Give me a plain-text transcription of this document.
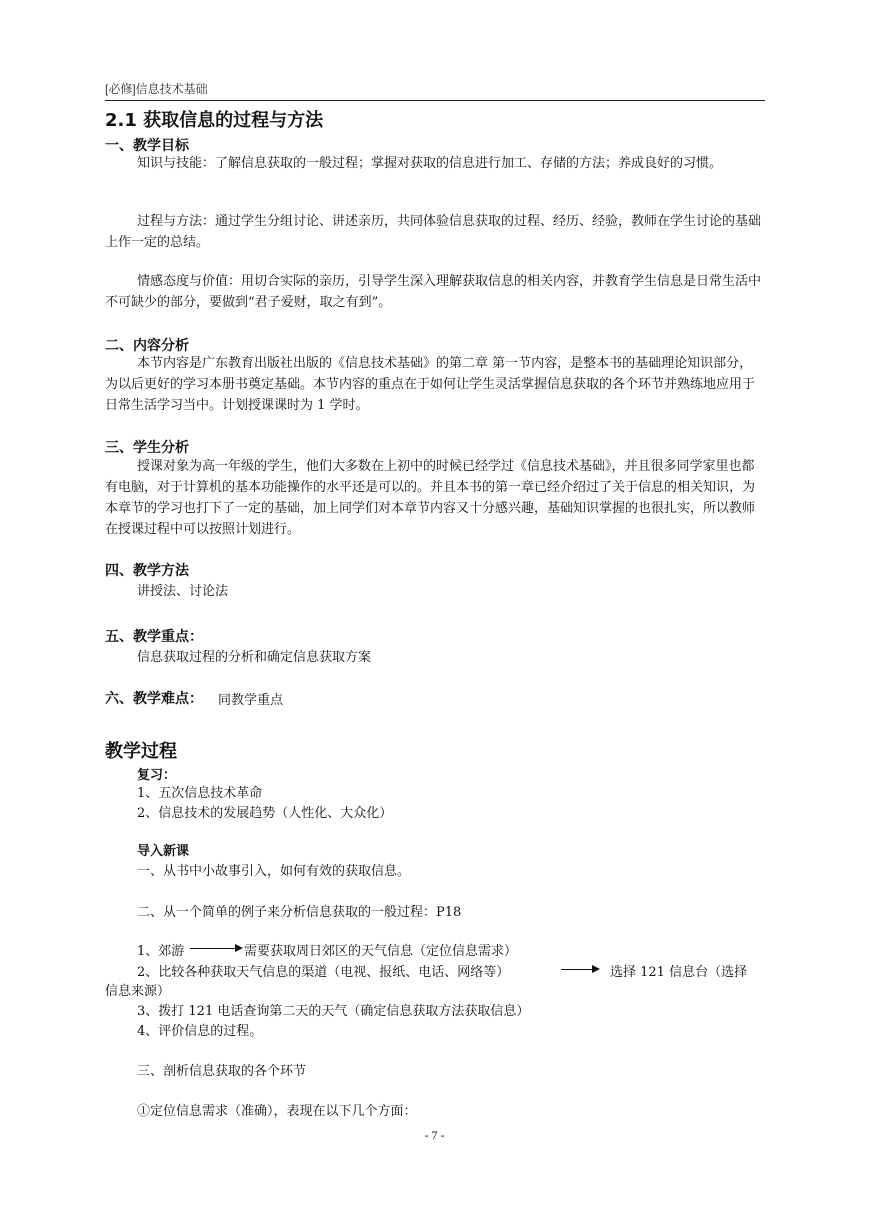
[必修]信息技术基础
2.1 获取信息的过程与方法
一、教学目标
知识与技能：了解信息获取的一般过程；掌握对获取的信息进行加工、存储的方法；养成良好的习惯。
过程与方法：通过学生分组讨论、讲述亲历，共同体验信息获取的过程、经历、经验，教师在学生讨论的基础上作一定的总结。
情感态度与价值：用切合实际的亲历，引导学生深入理解获取信息的相关内容，并教育学生信息是日常生活中不可缺少的部分，要做到“君子爱财，取之有到”。
二、内容分析
本节内容是广东教育出版社出版的《信息技术基础》的第二章 第一节内容，是整本书的基础理论知识部分，为以后更好的学习本册书奠定基础。本节内容的重点在于如何让学生灵活掌握信息获取的各个环节并熟练地应用于日常生活学习当中。计划授课课时为 1 学时。
三、学生分析
授课对象为高一年级的学生，他们大多数在上初中的时候已经学过《信息技术基础》，并且很多同学家里也都有电脑，对于计算机的基本功能操作的水平还是可以的。并且本书的第一章已经介绍过了关于信息的相关知识，为本章节的学习也打下了一定的基础，加上同学们对本章节内容又十分感兴趣，基础知识掌握的也很扎实，所以教师在授课过程中可以按照计划进行。
四、教学方法
讲授法、讨论法
五、教学重点：
信息获取过程的分析和确定信息获取方案
六、教学难点： 同教学重点
教学过程
复习：
1、五次信息技术革命
2、信息技术的发展趋势（人性化、大众化）
导入新课
一、从书中小故事引入，如何有效的获取信息。
二、从一个简单的例子来分析信息获取的一般过程：P18
1、郊游	需要获取周日郊区的天气信息（定位信息需求）
2、比较各种获取天气信息的渠道（电视、报纸、电话、网络等）	选择 121 信息台（选择
信息来源）
3、拨打 121 电话查询第二天的天气（确定信息获取方法获取信息）
4、评价信息的过程。
三、剖析信息获取的各个环节
①定位信息需求（准确），表现在以下几个方面：
- 7 -
